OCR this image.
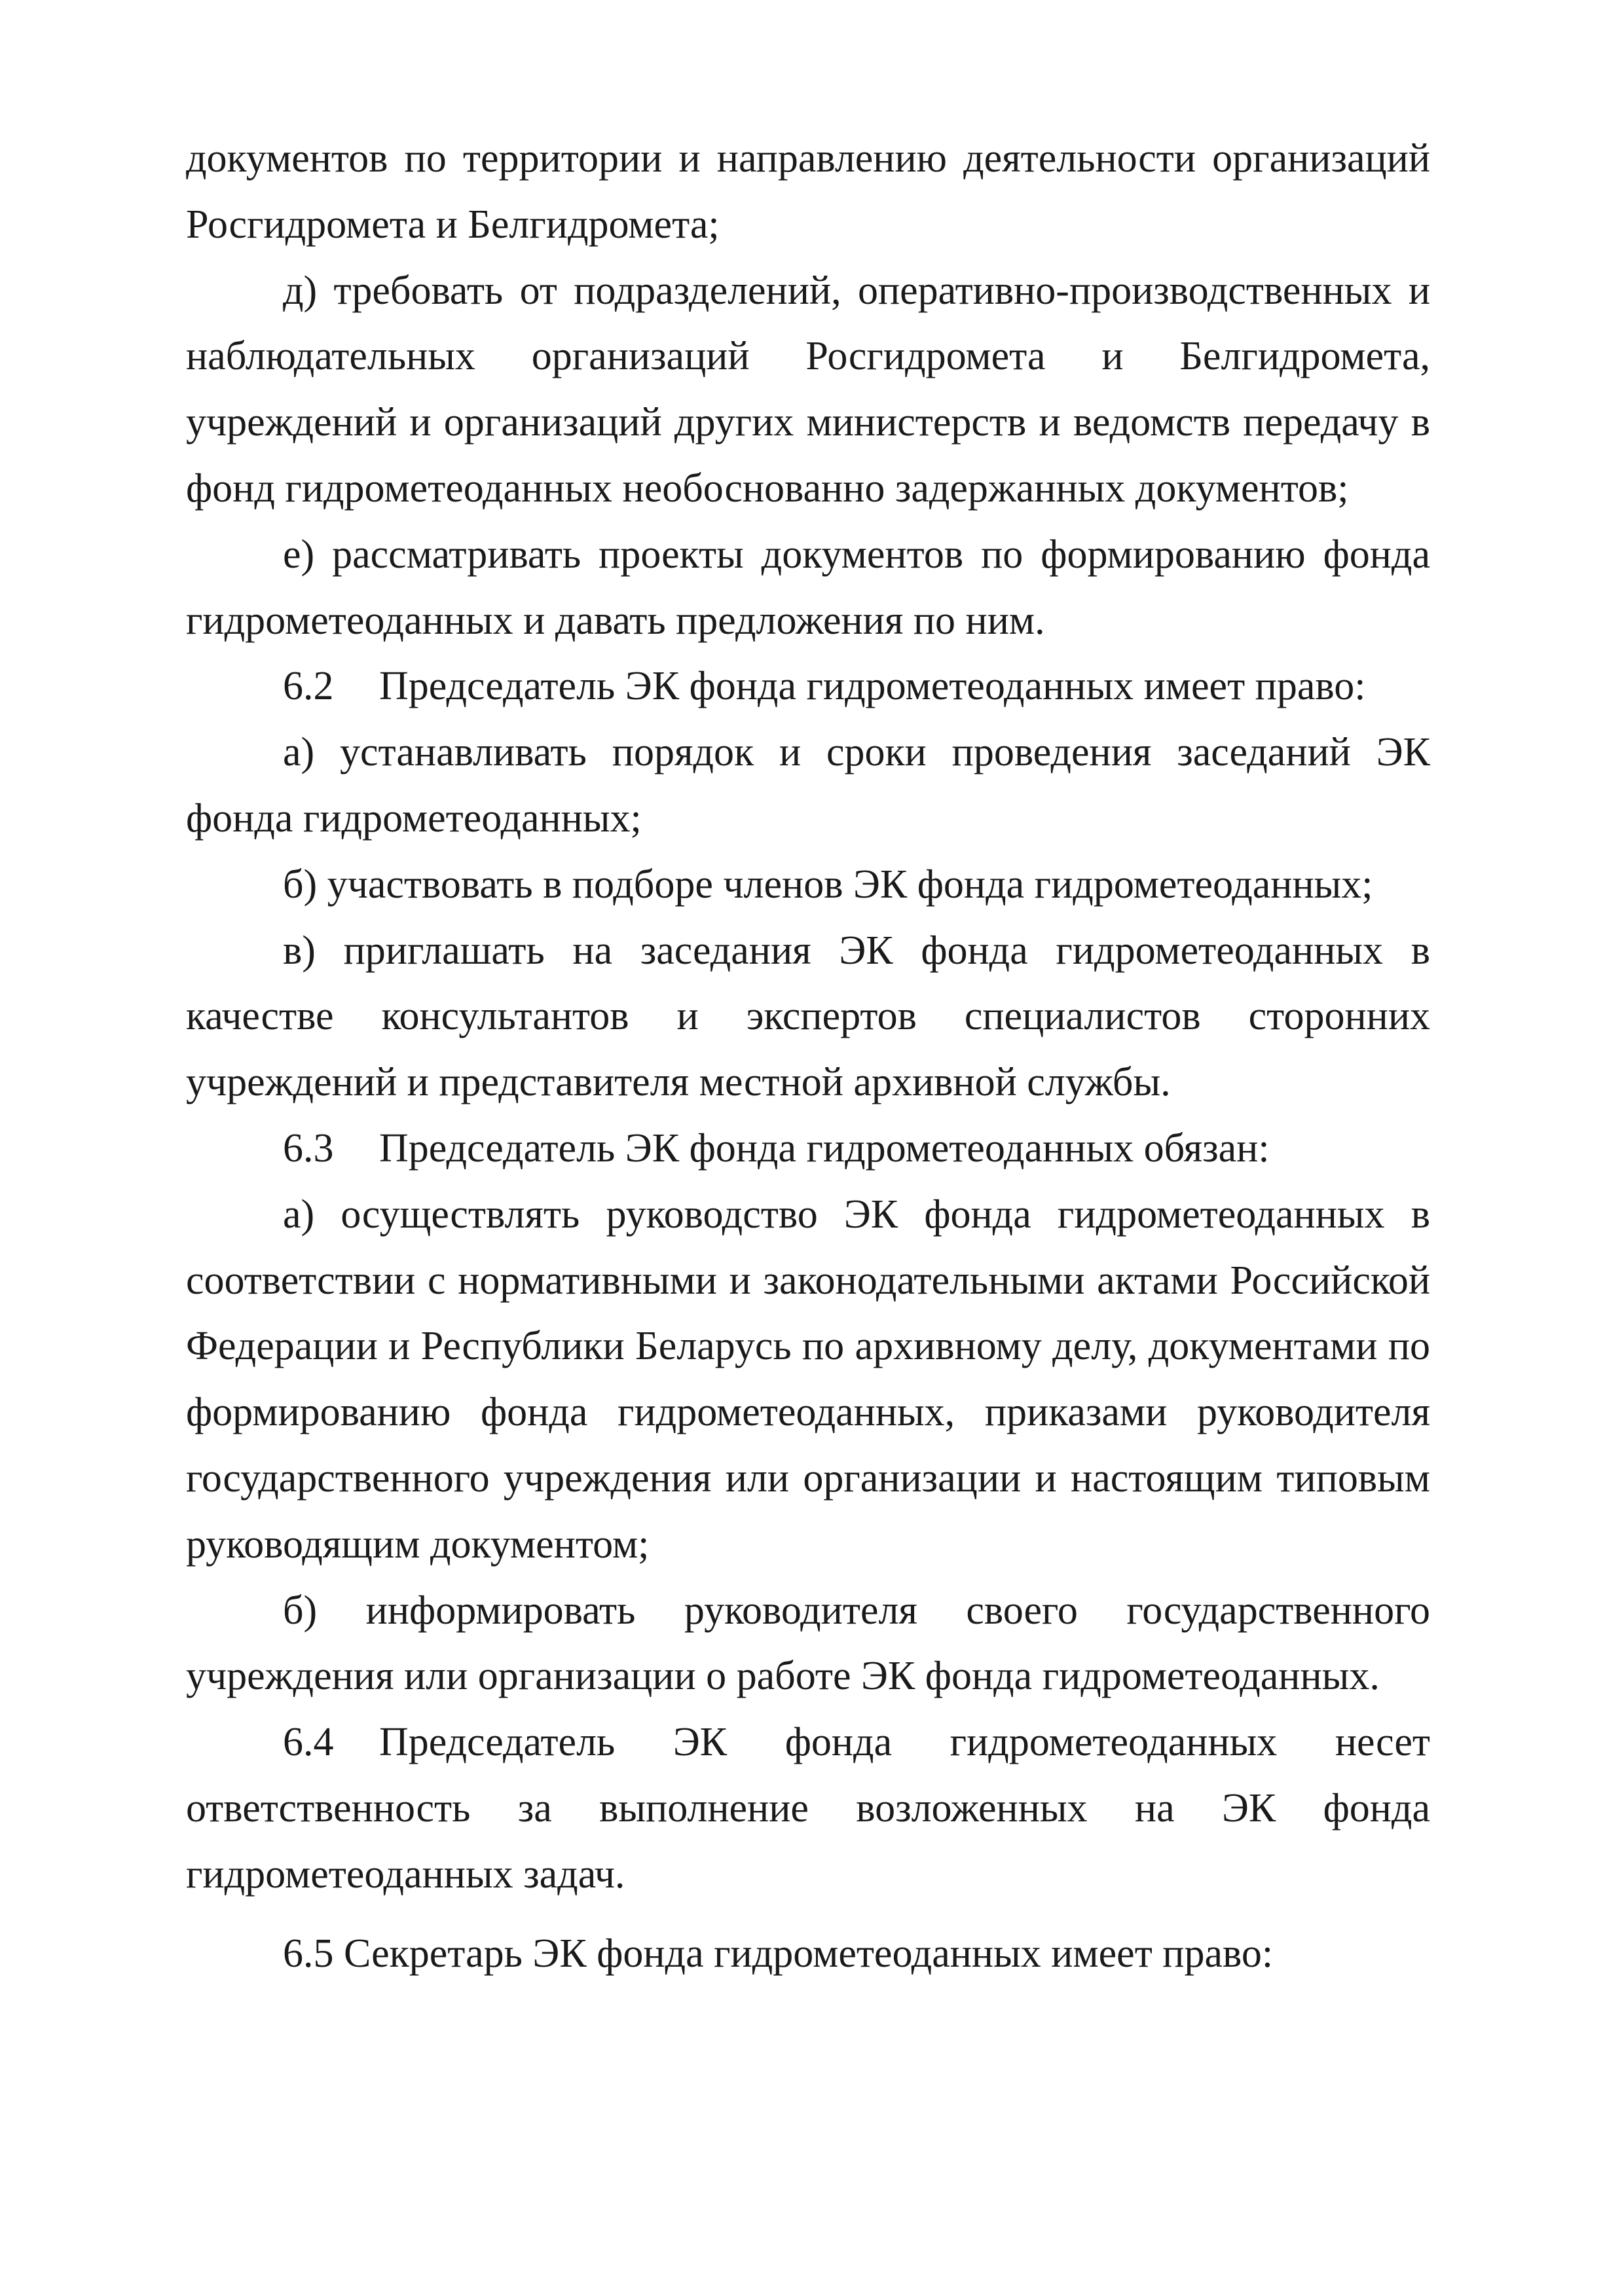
документов по территории и направлению деятельности организаций Росгидромета и Белгидромета;

д) требовать от подразделений, оперативно-производственных и наблюдательных организаций Росгидромета и Белгидромета, учреждений и организаций других министерств и ведомств передачу в фонд гидрометеоданных необоснованно задержанных документов;

е) рассматривать проекты документов по формированию фонда гидрометеоданных и давать предложения по ним.

6.2 Председатель ЭК фонда гидрометеоданных имеет право:

а) устанавливать порядок и сроки проведения заседаний ЭК фонда гидрометеоданных;

б) участвовать в подборе членов ЭК фонда гидрометеоданных;

в) приглашать на заседания ЭК фонда гидрометеоданных в качестве консультантов и экспертов специалистов сторонних учреждений и представителя местной архивной службы.

6.3 Председатель ЭК фонда гидрометеоданных обязан:

а) осуществлять руководство ЭК фонда гидрометеоданных в соответствии с нормативными и законодательными актами Российской Федерации и Республики Беларусь по архивному делу, документами по формированию фонда гидрометеоданных, приказами руководителя государственного учреждения или организации и настоящим типовым руководящим документом;

б) информировать руководителя своего государственного учреждения или организации о работе ЭК фонда гидрометеоданных.

6.4 Председатель ЭК фонда гидрометеоданных несет ответственность за выполнение возложенных на ЭК фонда гидрометеоданных задач.

6.5 Секретарь ЭК фонда гидрометеоданных имеет право:
